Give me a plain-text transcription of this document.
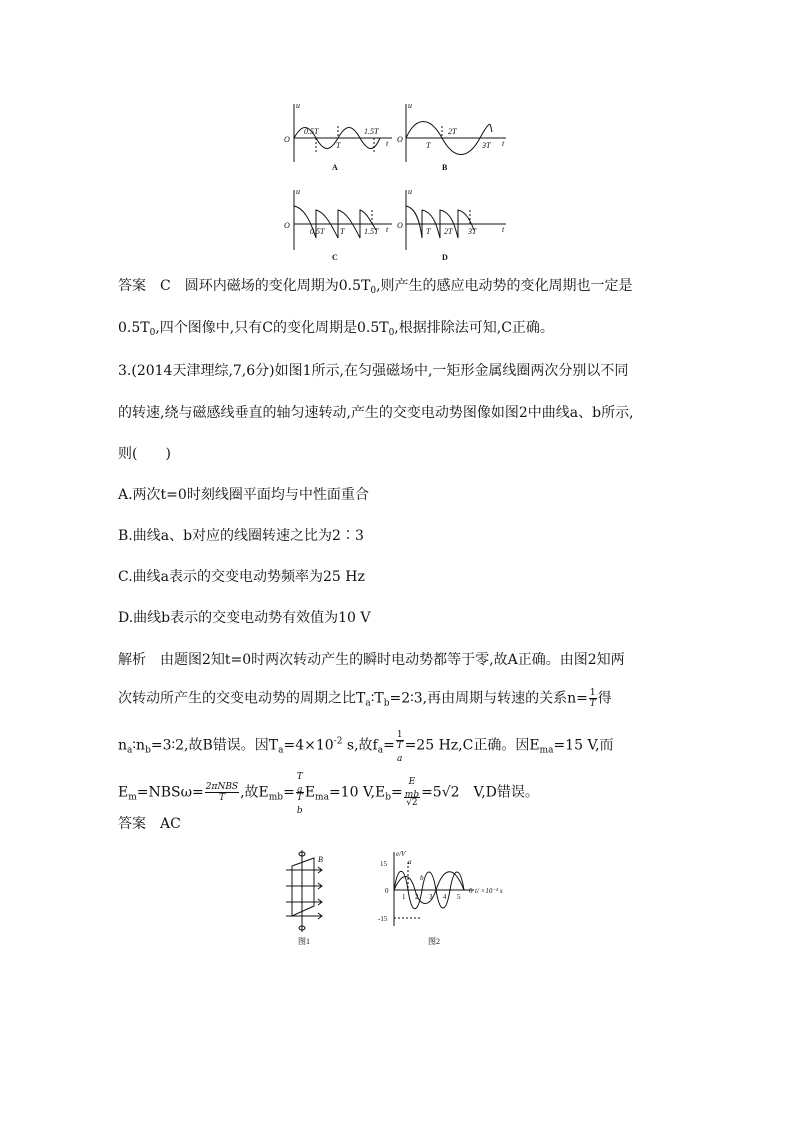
u
O	t
0.5T
T
1.5T
A
u
O	t
2T
T	3T
B
u
O	t
0.5T T 1.5T
C
u
O	t
T 2T 3T
D
答案　C　圆环内磁场的变化周期为$0.5T_0$,则产生的感应电动势的变化周期也一定是
$0.5T_0$,四个图像中,只有C的变化周期是$0.5T_0$,根据排除法可知,C正确。
3.(2014天津理综,7,6分)如图1所示,在匀强磁场中,一矩形金属线圈两次分别以不同
的转速,绕与磁感线垂直的轴匀速转动,产生的交变电动势图像如图2中曲线a、b所示,
则(　　)
A.两次t=0时刻线圈平面均与中性面重合
B.曲线a、b对应的线圈转速之比为2∶3
C.曲线a表示的交变电动势频率为25 Hz
D.曲线b表示的交变电动势有效值为10 V
解析　由题图2知t=0时两次转动产生的瞬时电动势都等于零,故A正确。由图2知两
次转动所产生的交变电动势的周期之比$T_a∶T_b=2∶3$,再由周期与转速的关系$n= \frac{1}{T}$ 得
$n_a∶n_b=3∶2$,故B错误。因$T_a=4\times 10^{-2}$ s,故$f_a= 1$
T
$_a$ =25 Hz,C正确。因$E_{ma}=15$ V,而
$E_m=NBS\omega= \frac{\text{2πNBS}}{T}$ ,故$E_{mb}= T$
$_a$
T
$_b$ $E_{ma}=10$ $V,E_b= E$
$_{mb}$
√2 =5√2　V,D错误。
答案　AC
B
图1
e/V
15
0
-15
1 2 3 4 5
6 t/ ×10⁻² s
a
b
图2
